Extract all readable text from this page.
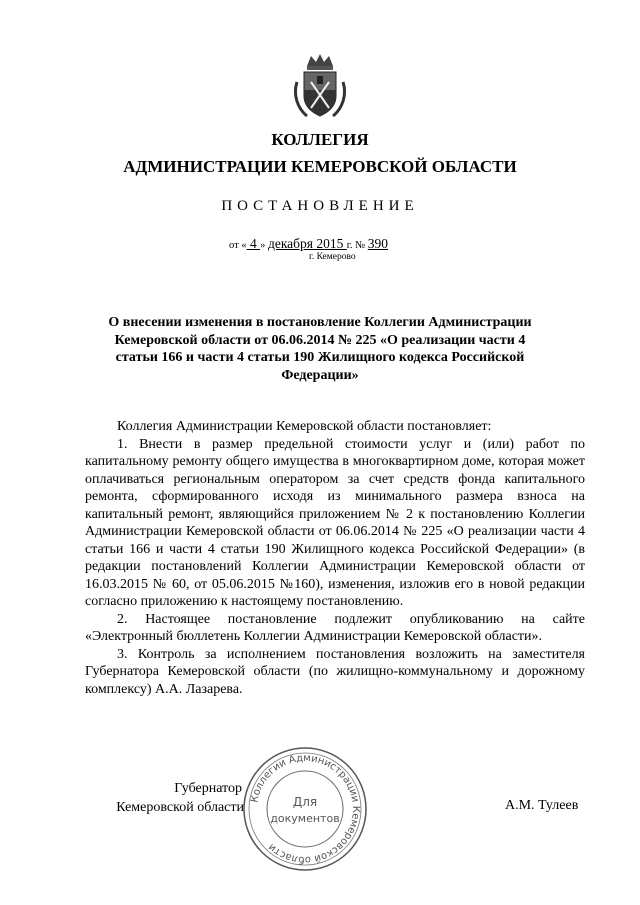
КОЛЛЕГИЯ
АДМИНИСТРАЦИИ КЕМЕРОВСКОЙ ОБЛАСТИ
ПОСТАНОВЛЕНИЕ
от « 4 » декабря 2015 г. № 390
г. Кемерово
О внесении изменения в постановление Коллегии Администрации Кемеровской области от 06.06.2014 № 225 «О реализации части 4 статьи 166 и части 4 статьи 190 Жилищного кодекса Российской Федерации»

Коллегия Администрации Кемеровской области постановляет:

1. Внести в размер предельной стоимости услуг и (или) работ по капитальному ремонту общего имущества в многоквартирном доме, которая может оплачиваться региональным оператором за счет средств фонда капитального ремонта, сформированного исходя из минимального размера взноса на капитальный ремонт, являющийся приложением № 2 к постановлению Коллегии Администрации Кемеровской области от 06.06.2014 № 225 «О реализации части 4 статьи 166 и части 4 статьи 190 Жилищного кодекса Российской Федерации» (в редакции постановлений Коллегии Администрации Кемеровской области от 16.03.2015 № 60, от 05.06.2015 №160), изменения, изложив его в новой редакции согласно приложению к настоящему постановлению.

2. Настоящее постановление подлежит опубликованию на сайте «Электронный бюллетень Коллегии Администрации Кемеровской области».

3. Контроль за исполнением постановления возложить на заместителя Губернатора Кемеровской области (по жилищно-коммунальному и дорожному комплексу) А.А. Лазарева.

Губернатор
Кемеровской области	А.М. Тулеев
Коллегии Администрации Кемеровской области
Для
документов
